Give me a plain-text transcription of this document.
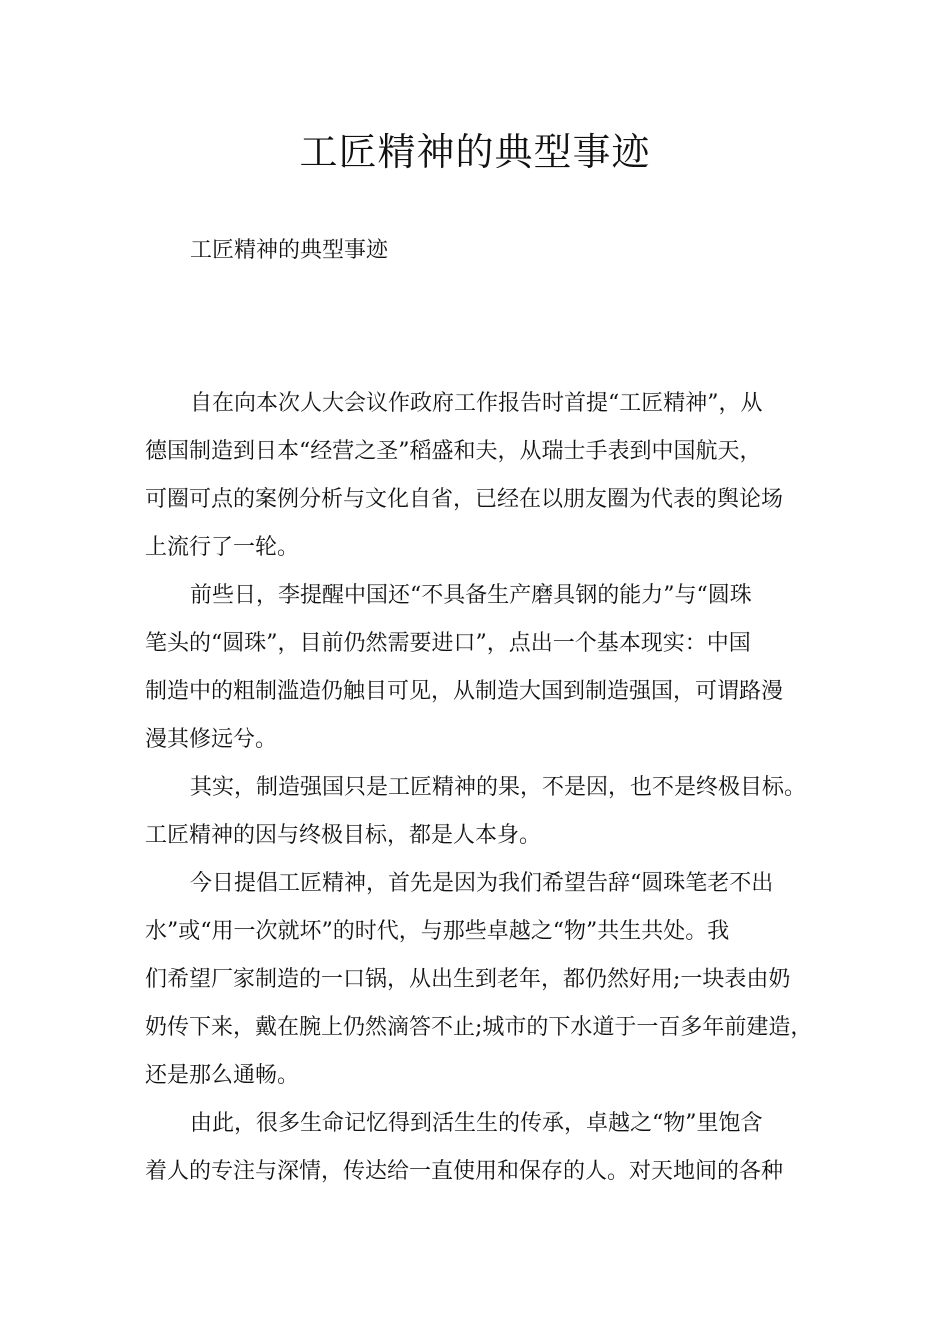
工匠精神的典型事迹

工匠精神的典型事迹

自在向本次人大会议作政府工作报告时首提“工匠精神”，从
德国制造到日本“经营之圣”稻盛和夫，从瑞士手表到中国航天，
可圈可点的案例分析与文化自省，已经在以朋友圈为代表的舆论场
上流行了一轮。
前些日，李提醒中国还“不具备生产磨具钢的能力”与“圆珠
笔头的“圆珠”，目前仍然需要进口”，点出一个基本现实：中国
制造中的粗制滥造仍触目可见，从制造大国到制造强国，可谓路漫
漫其修远兮。
其实，制造强国只是工匠精神的果，不是因，也不是终极目标。
工匠精神的因与终极目标，都是人本身。
今日提倡工匠精神，首先是因为我们希望告辞“圆珠笔老不出
水”或“用一次就坏”的时代，与那些卓越之“物”共生共处。我
们希望厂家制造的一口锅，从出生到老年，都仍然好用;一块表由奶
奶传下来，戴在腕上仍然滴答不止;城市的下水道于一百多年前建造，
还是那么通畅。
由此，很多生命记忆得到活生生的传承，卓越之“物”里饱含
着人的专注与深情，传达给一直使用和保存的人。对天地间的各种
